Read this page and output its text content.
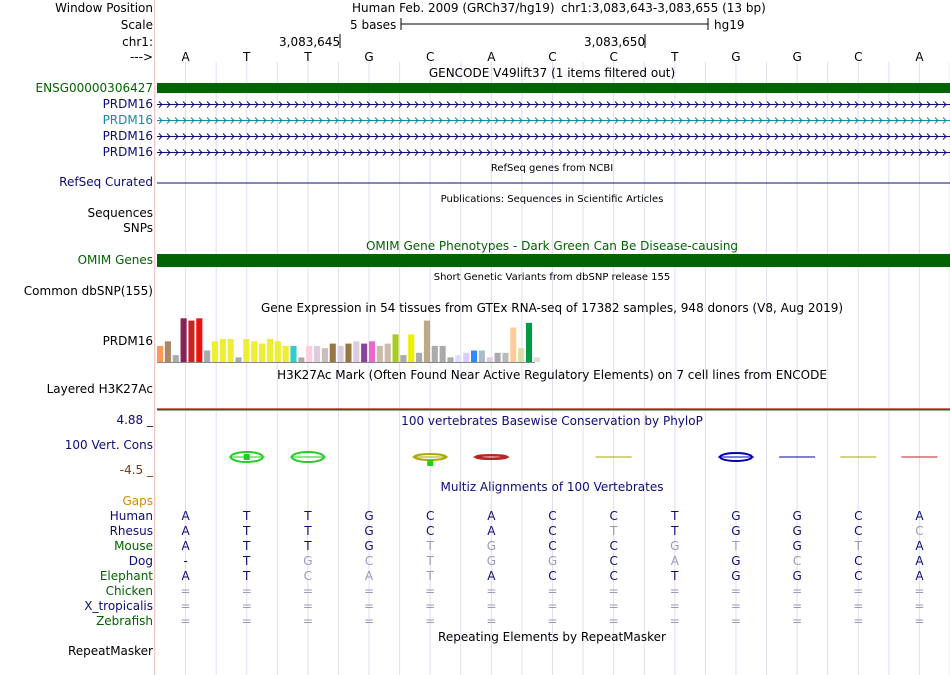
Window Position
Scale
chr1:
--->
Human Feb. 2009 (GRCh37/hg19) chr1:3,083,643-3,083,655 (13 bp)
5 bases	hg19
3,083,645	3,083,650
GENCODE V49lift37 (1 items filtered out)
RefSeq genes from NCBI
RefSeq Curated
Publications: Sequences in Scientific Articles
Sequences
SNPs
OMIM Gene Phenotypes - Dark Green Can Be Disease-causing
OMIM Genes
Short Genetic Variants from dbSNP release 155
Common dbSNP(155)
Gene Expression in 54 tissues from GTEx RNA-seq of 17382 samples, 948 donors (V8, Aug 2019)
PRDM16
H3K27Ac Mark (Often Found Near Active Regulatory Elements) on 7 cell lines from ENCODE
Layered H3K27Ac
100 vertebrates Basewise Conservation by PhyloP
4.88 _
100 Vert. Cons
-4.5 _
Multiz Alignments of 100 Vertebrates
Gaps
Repeating Elements by RepeatMasker
RepeatMasker
A	T	T	G	C	A	C	C	T	G	G	C	A
ENSG00000306427
PRDM16
PRDM16
PRDM16
PRDM16
Human A	T	T	G	C	A	C	C	T	G	G	C	A
Rhesus A	T	T	G	C	A	C	T	T	G	G	C	C
Mouse A	T	T	G	T	G	C	C	G	T	G	T	A
Dog	-	T	G	C	T	G	G	C	A	G	C	C	A
Elephant A	T	C	A	T	A	C	C	T	G	G	C	A
Chicken =	=	=	=	=	=	=	=	=	=	=	=	=
X_tropicalis =	=	=	=	=	=	=	=	=	=	=	=	=
Zebrafish =	=	=	=	=	=	=	=	=	=	=	=	=
